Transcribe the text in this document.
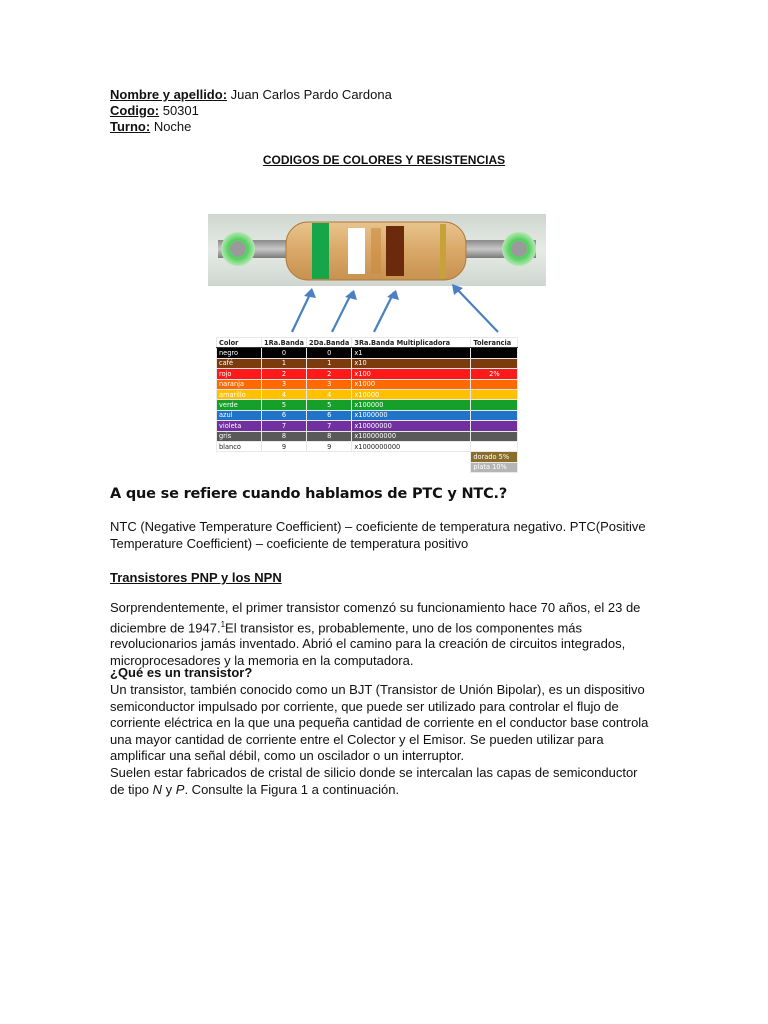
Nombre y apellido: Juan Carlos Pardo Cardona
Codigo: 50301
Turno: Noche
CODIGOS DE COLORES Y RESISTENCIAS
Color	1Ra.Banda	2Da.Banda	3Ra.Banda Multiplicadora	Tolerancia
negro	0	0	x1	
café	1	1	x10	
rojo	2	2	x100	2%
naranja	3	3	x1000	
amarillo	4	4	x10000	
verde	5	5	x100000	
azul	6	6	x1000000	
violeta	7	7	x10000000	
gris	8	8	x100000000	
blanco	9	9	x1000000000	
				dorado 5%
				plata 10%
A que se refiere cuando hablamos de PTC y NTC.?

NTC (Negative Temperature Coefficient) – coeficiente de temperatura negativo. PTC(Positive Temperature Coefficient) – coeficiente de temperatura positivo

Transistores PNP y los NPN

Sorprendentemente, el primer transistor comenzó su funcionamiento hace 70 años, el 23 de diciembre de 1947.$^1$El transistor es, probablemente, uno de los componentes más revolucionarios jamás inventado. Abrió el camino para la creación de circuitos integrados, microprocesadores y la memoria en la computadora.

¿Qué es un transistor?

Un transistor, también conocido como un BJT (Transistor de Unión Bipolar), es un dispositivo semiconductor impulsado por corriente, que puede ser utilizado para controlar el flujo de corriente eléctrica en la que una pequeña cantidad de corriente en el conductor base controla una mayor cantidad de corriente entre el Colector y el Emisor. Se pueden utilizar para amplificar una señal débil, como un oscilador o un interruptor.

Suelen estar fabricados de cristal de silicio donde se intercalan las capas de semiconductor de tipo N y P. Consulte la Figura 1 a continuación.
